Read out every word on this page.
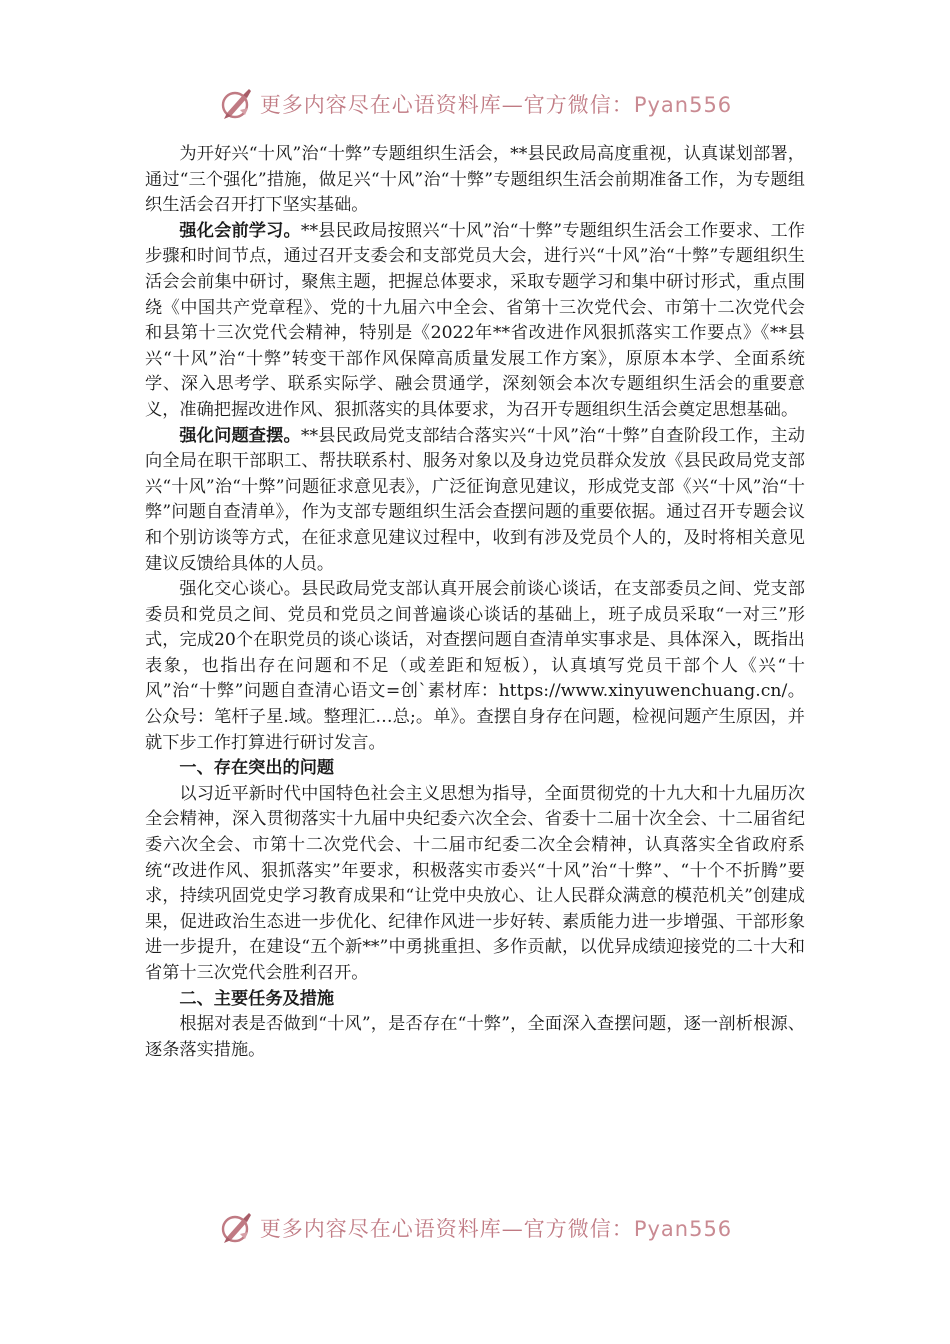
更多内容尽在心语资料库—官方微信：Pyan556

为开好兴“十风”治“十弊”专题组织生活会，**县民政局高度重视，认真谋划部署，通过“三个强化”措施，做足兴“十风”治“十弊”专题组织生活会前期准备工作，为专题组织生活会召开打下坚实基础。

强化会前学习。**县民政局按照兴“十风”治“十弊”专题组织生活会工作要求、工作步骤和时间节点，通过召开支委会和支部党员大会，进行兴“十风”治“十弊”专题组织生活会会前集中研讨，聚焦主题，把握总体要求，采取专题学习和集中研讨形式，重点围绕《中国共产党章程》、党的十九届六中全会、省第十三次党代会、市第十二次党代会和县第十三次党代会精神，特别是《2022年**省改进作风狠抓落实工作要点》《**县兴“十风”治“十弊”转变干部作风保障高质量发展工作方案》，原原本本学、全面系统学、深入思考学、联系实际学、融会贯通学，深刻领会本次专题组织生活会的重要意义，准确把握改进作风、狠抓落实的具体要求，为召开专题组织生活会奠定思想基础。

强化问题查摆。**县民政局党支部结合落实兴“十风”治“十弊”自查阶段工作，主动向全局在职干部职工、帮扶联系村、服务对象以及身边党员群众发放《县民政局党支部兴“十风”治“十弊”问题征求意见表》，广泛征询意见建议，形成党支部《兴“十风”治“十弊”问题自查清单》，作为支部专题组织生活会查摆问题的重要依据。通过召开专题会议和个别访谈等方式，在征求意见建议过程中，收到有涉及党员个人的，及时将相关意见建议反馈给具体的人员。

强化交心谈心。县民政局党支部认真开展会前谈心谈话，在支部委员之间、党支部委员和党员之间、党员和党员之间普遍谈心谈话的基础上，班子成员采取“一对三”形式，完成20个在职党员的谈心谈话，对查摆问题自查清单实事求是、具体深入，既指出表象，也指出存在问题和不足（或差距和短板），认真填写党员干部个人《兴“十风”治“十弊”问题自查清心语文=创`素材库：https://www.xinyuwenchuang.cn/。公众号：笔杆子星.域。整理汇…总;。单》。查摆自身存在问题，检视问题产生原因，并就下步工作打算进行研讨发言。

一、存在突出的问题

以习近平新时代中国特色社会主义思想为指导，全面贯彻党的十九大和十九届历次全会精神，深入贯彻落实十九届中央纪委六次全会、省委十二届十次全会、十二届省纪委六次全会、市第十二次党代会、十二届市纪委二次全会精神，认真落实全省政府系统“改进作风、狠抓落实”年要求，积极落实市委兴“十风”治“十弊”、“十个不折腾”要求，持续巩固党史学习教育成果和“让党中央放心、让人民群众满意的模范机关”创建成果，促进政治生态进一步优化、纪律作风进一步好转、素质能力进一步增强、干部形象进一步提升，在建设“五个新**”中勇挑重担、多作贡献，以优异成绩迎接党的二十大和省第十三次党代会胜利召开。

二、主要任务及措施

根据对表是否做到“十风”，是否存在“十弊”，全面深入查摆问题，逐一剖析根源、逐条落实措施。

更多内容尽在心语资料库—官方微信：Pyan556
